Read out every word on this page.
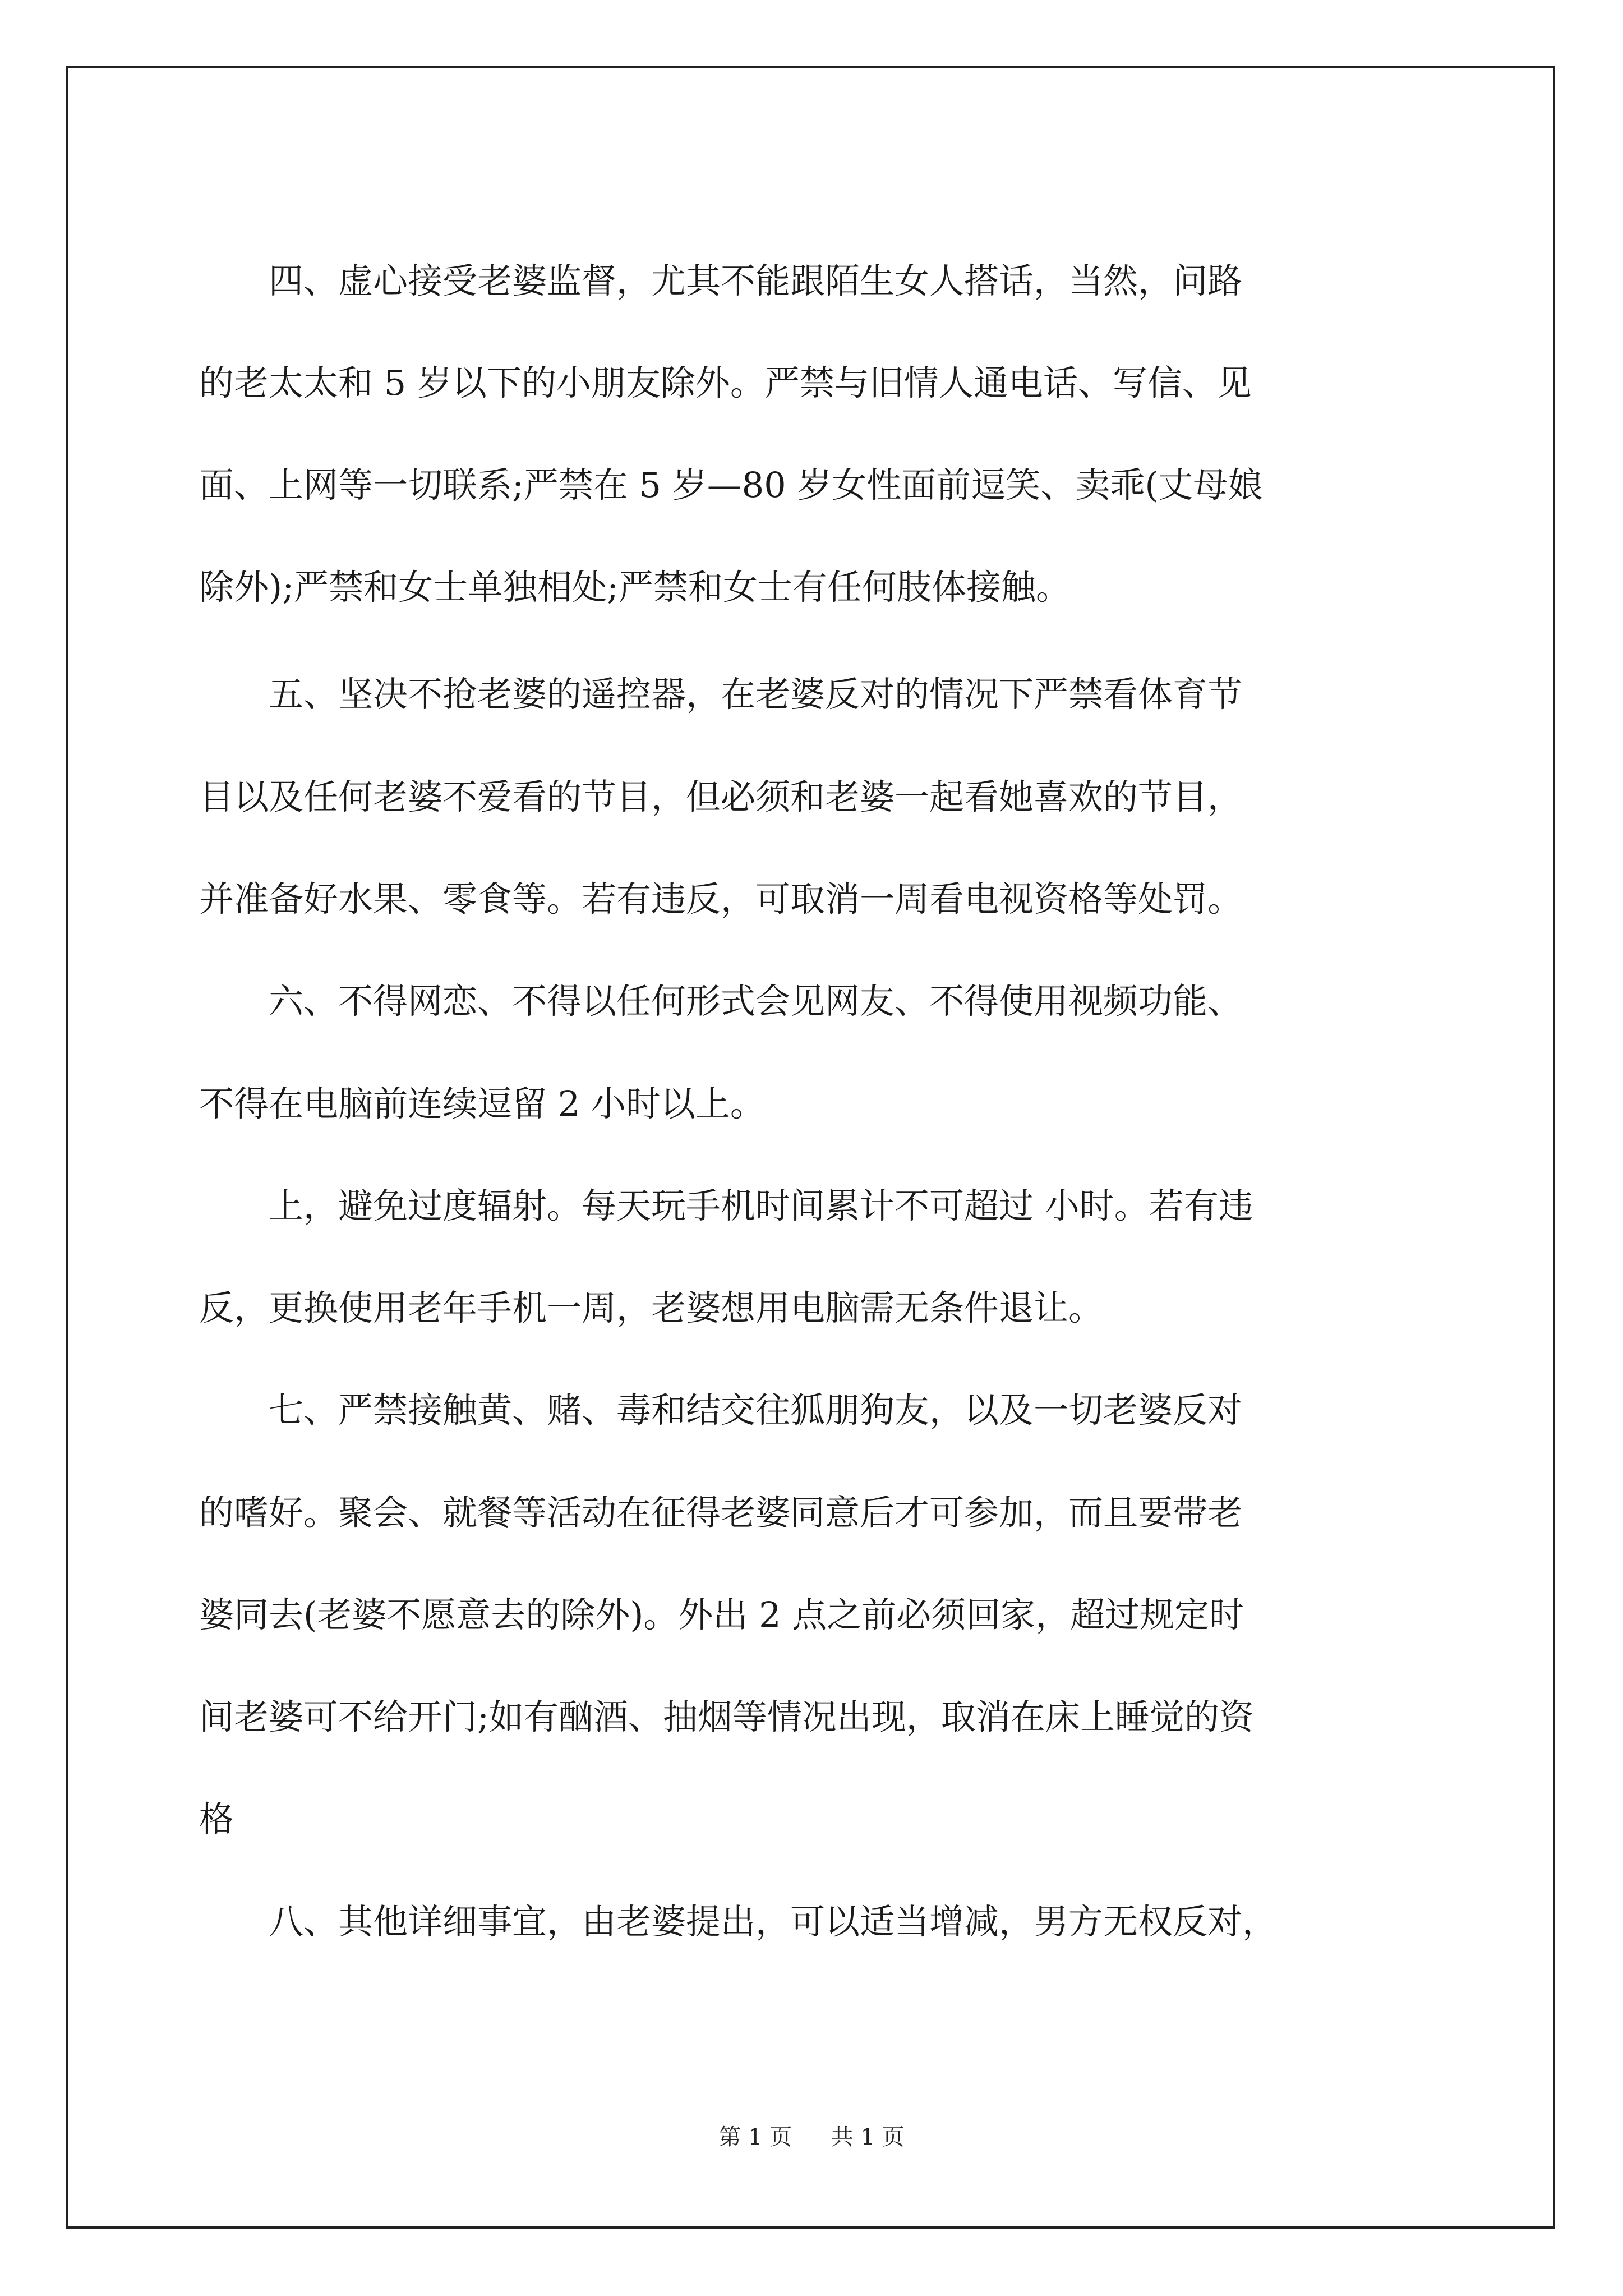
　　四、虚心接受老婆监督，尤其不能跟陌生女人搭话，当然，问路
的老太太和 5 岁以下的小朋友除外。严禁与旧情人通电话、写信、见
面、上网等一切联系;严禁在 5 岁—80 岁女性面前逗笑、卖乖(丈母娘
除外);严禁和女士单独相处;严禁和女士有任何肢体接触。
　　五、坚决不抢老婆的遥控器，在老婆反对的情况下严禁看体育节
目以及任何老婆不爱看的节目，但必须和老婆一起看她喜欢的节目，
并准备好水果、零食等。若有违反，可取消一周看电视资格等处罚。
　　六、不得网恋、不得以任何形式会见网友、不得使用视频功能、
不得在电脑前连续逗留 2 小时以上。
　　上，避免过度辐射。每天玩手机时间累计不可超过 小时。若有违
反，更换使用老年手机一周，老婆想用电脑需无条件退让。
　　七、严禁接触黄、赌、毒和结交往狐朋狗友，以及一切老婆反对
的嗜好。聚会、就餐等活动在征得老婆同意后才可参加，而且要带老
婆同去(老婆不愿意去的除外)。外出 2 点之前必须回家，超过规定时
间老婆可不给开门;如有酗酒、抽烟等情况出现，取消在床上睡觉的资
格
　　八、其他详细事宜，由老婆提出，可以适当增减，男方无权反对，
第 1 页 共 1 页
